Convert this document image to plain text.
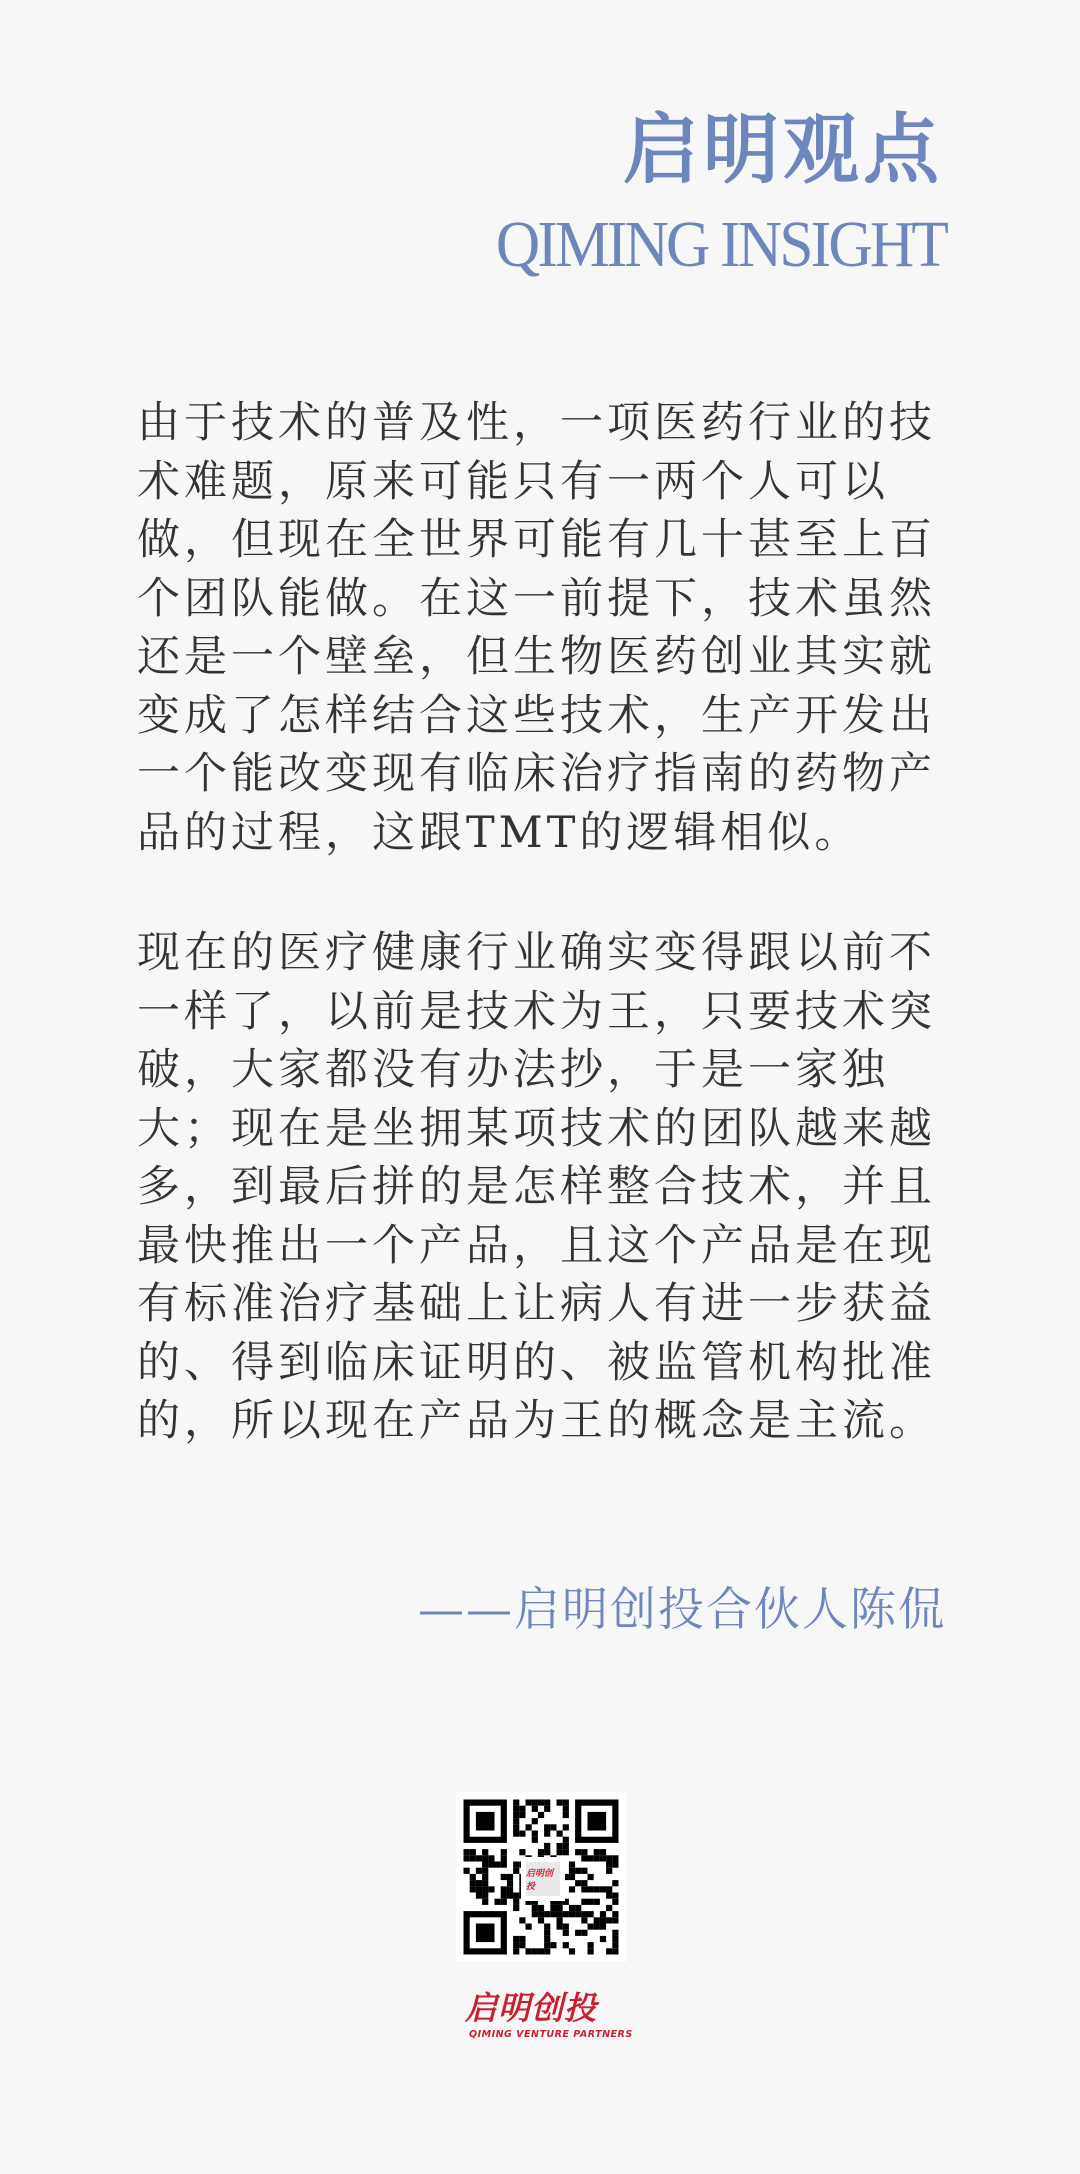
启明观点
QIMING INSIGHT

由于技术的普及性，一项医药行业的技术难题，原来可能只有一两个人可以做，但现在全世界可能有几十甚至上百个团队能做。在这一前提下，技术虽然还是一个壁垒，但生物医药创业其实就变成了怎样结合这些技术，生产开发出一个能改变现有临床治疗指南的药物产品的过程，这跟TMT的逻辑相似。

现在的医疗健康行业确实变得跟以前不一样了，以前是技术为王，只要技术突破，大家都没有办法抄，于是一家独大；现在是坐拥某项技术的团队越来越多，到最后拼的是怎样整合技术，并且最快推出一个产品，且这个产品是在现有标准治疗基础上让病人有进一步获益的、得到临床证明的、被监管机构批准的，所以现在产品为王的概念是主流。

——启明创投合伙人陈侃
启明创投
启明创投
QIMING VENTURE PARTNERS
